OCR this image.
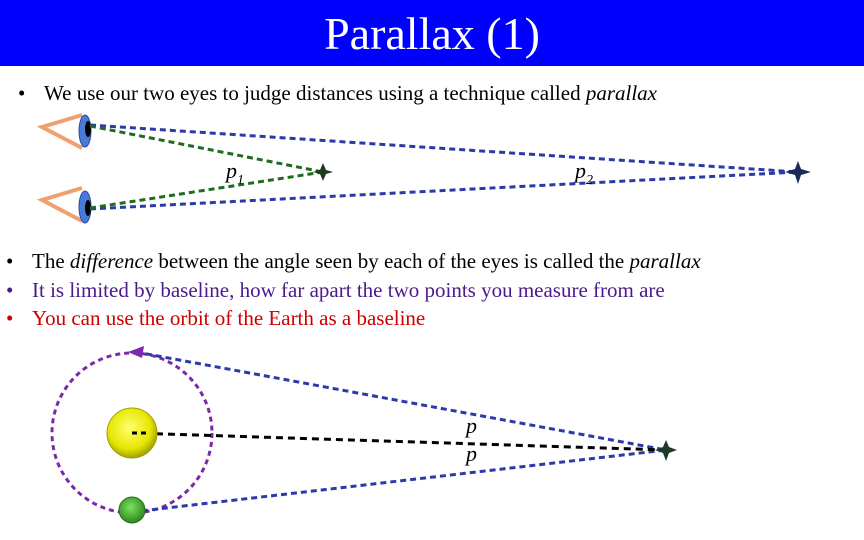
Parallax (1)
• We use our two eyes to judge distances using a technique called parallax
$p_1$	$p_2$
p
p
• The difference between the angle seen by each of the eyes is called the parallax
• It is limited by baseline, how far apart the two points you measure from are
• You can use the orbit of the Earth as a baseline
